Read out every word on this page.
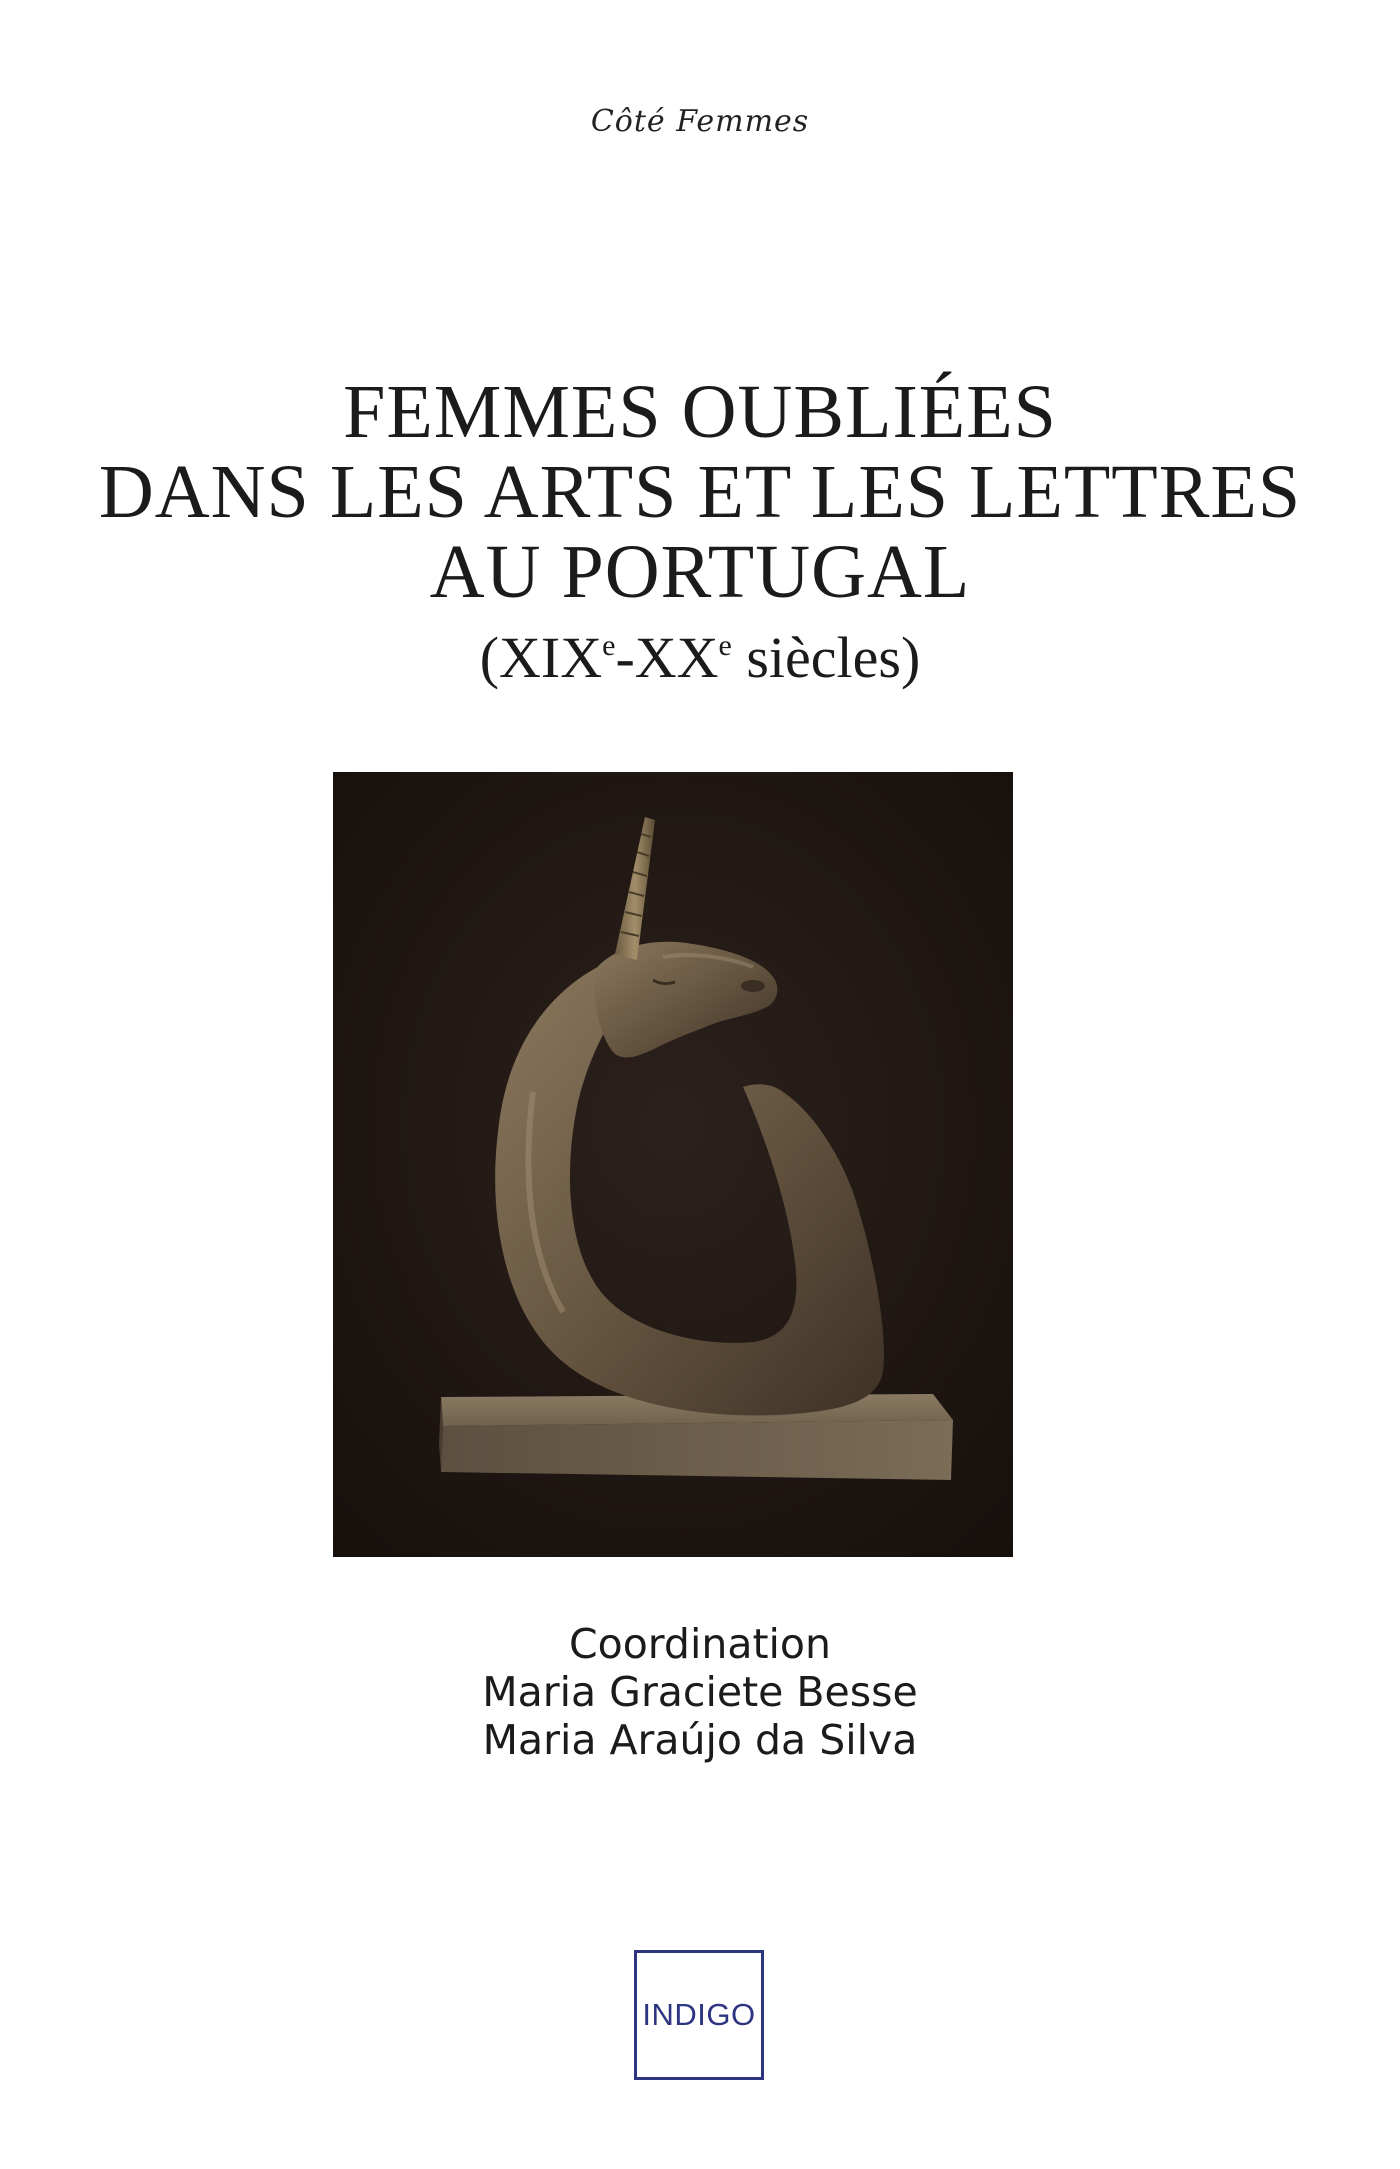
Côté Femmes
FEMMES OUBLIÉES
DANS LES ARTS ET LES LETTRES
AU PORTUGAL
(XIXe-XXe siècles)
Coordination
Maria Graciete Besse
Maria Araújo da Silva
INDIGO
